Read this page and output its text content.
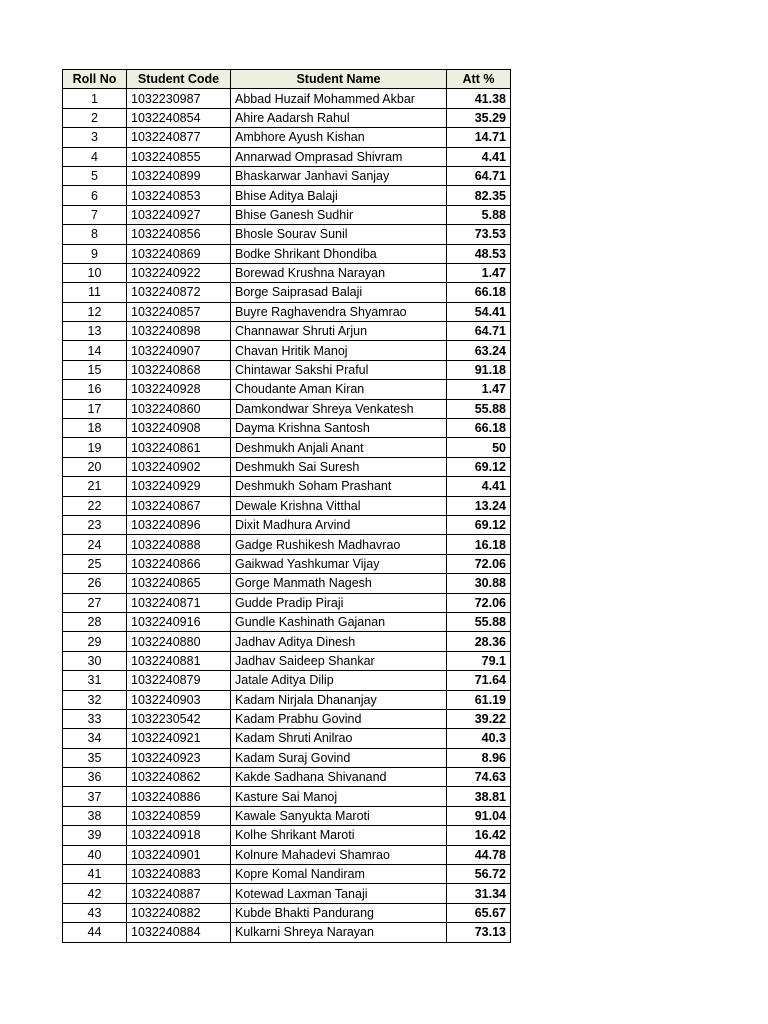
Roll No	Student Code	Student Name	Att %
1	1032230987	Abbad Huzaif Mohammed Akbar	41.38
2	1032240854	Ahire Aadarsh Rahul	35.29
3	1032240877	Ambhore Ayush Kishan	14.71
4	1032240855	Annarwad Omprasad Shivram	4.41
5	1032240899	Bhaskarwar Janhavi Sanjay	64.71
6	1032240853	Bhise Aditya Balaji	82.35
7	1032240927	Bhise Ganesh Sudhir	5.88
8	1032240856	Bhosle Sourav Sunil	73.53
9	1032240869	Bodke Shrikant Dhondiba	48.53
10	1032240922	Borewad Krushna Narayan	1.47
11	1032240872	Borge Saiprasad Balaji	66.18
12	1032240857	Buyre Raghavendra Shyamrao	54.41
13	1032240898	Channawar Shruti Arjun	64.71
14	1032240907	Chavan Hritik Manoj	63.24
15	1032240868	Chintawar Sakshi Praful	91.18
16	1032240928	Choudante Aman Kiran	1.47
17	1032240860	Damkondwar Shreya Venkatesh	55.88
18	1032240908	Dayma Krishna Santosh	66.18
19	1032240861	Deshmukh Anjali Anant	50
20	1032240902	Deshmukh Sai Suresh	69.12
21	1032240929	Deshmukh Soham Prashant	4.41
22	1032240867	Dewale Krishna Vitthal	13.24
23	1032240896	Dixit Madhura Arvind	69.12
24	1032240888	Gadge Rushikesh Madhavrao	16.18
25	1032240866	Gaikwad Yashkumar Vijay	72.06
26	1032240865	Gorge Manmath Nagesh	30.88
27	1032240871	Gudde Pradip Piraji	72.06
28	1032240916	Gundle Kashinath Gajanan	55.88
29	1032240880	Jadhav Aditya Dinesh	28.36
30	1032240881	Jadhav Saideep Shankar	79.1
31	1032240879	Jatale Aditya Dilip	71.64
32	1032240903	Kadam Nirjala Dhananjay	61.19
33	1032230542	Kadam Prabhu Govind	39.22
34	1032240921	Kadam Shruti Anilrao	40.3
35	1032240923	Kadam Suraj Govind	8.96
36	1032240862	Kakde Sadhana Shivanand	74.63
37	1032240886	Kasture Sai Manoj	38.81
38	1032240859	Kawale Sanyukta Maroti	91.04
39	1032240918	Kolhe Shrikant Maroti	16.42
40	1032240901	Kolnure Mahadevi Shamrao	44.78
41	1032240883	Kopre Komal Nandiram	56.72
42	1032240887	Kotewad Laxman Tanaji	31.34
43	1032240882	Kubde Bhakti Pandurang	65.67
44	1032240884	Kulkarni Shreya Narayan	73.13
